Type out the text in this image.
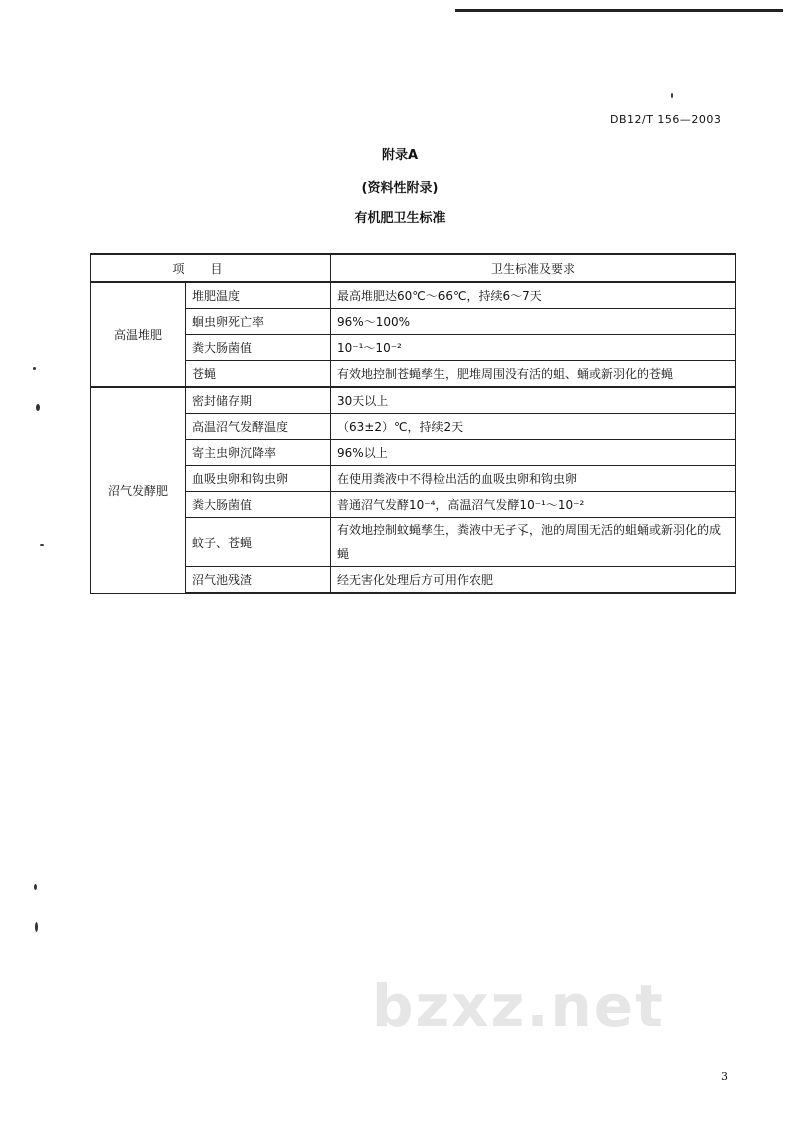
DB12/T 156—2003
附录A
(资料性附录)
有机肥卫生标准
项目		卫生标准及要求
高温堆肥	堆肥温度	最高堆肥达60℃～66℃，持续6～7天
	蛔虫卵死亡率	96%～100%
	粪大肠菌值	10⁻¹～10⁻²
	苍蝇	有效地控制苍蝇孳生，肥堆周围没有活的蛆、蛹或新羽化的苍蝇
沼气发酵肥	密封储存期	30天以上
	高温沼气发酵温度	（63±2）℃，持续2天
	寄主虫卵沉降率	96%以上
	血吸虫卵和钩虫卵	在使用粪液中不得检出活的血吸虫卵和钩虫卵
	粪大肠菌值	普通沼气发酵10⁻⁴，高温沼气发酵10⁻¹～10⁻²
	蚊子、苍蝇	有效地控制蚊蝇孳生，粪液中无孑孓，池的周围无活的蛆蛹或新羽化的成蝇
	沼气池残渣	经无害化处理后方可用作农肥
bzxz.net
3
